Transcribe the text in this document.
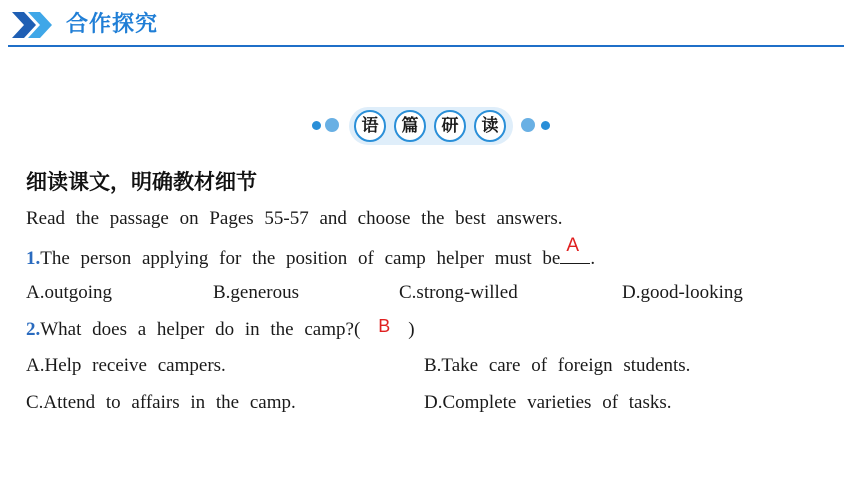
合作探究
语	篇	研	读
细读课文，明确教材细节
Read the passage on Pages 55-57 and choose the best answers.
1.The person applying for the position of camp helper must be
A
.
A.outgoing	B.generous	C.strong-willed	D.good-looking
2.What does a helper do in the camp?( B )
A.Help receive campers.	B.Take care of foreign students.
C.Attend to affairs in the camp.	D.Complete varieties of tasks.
